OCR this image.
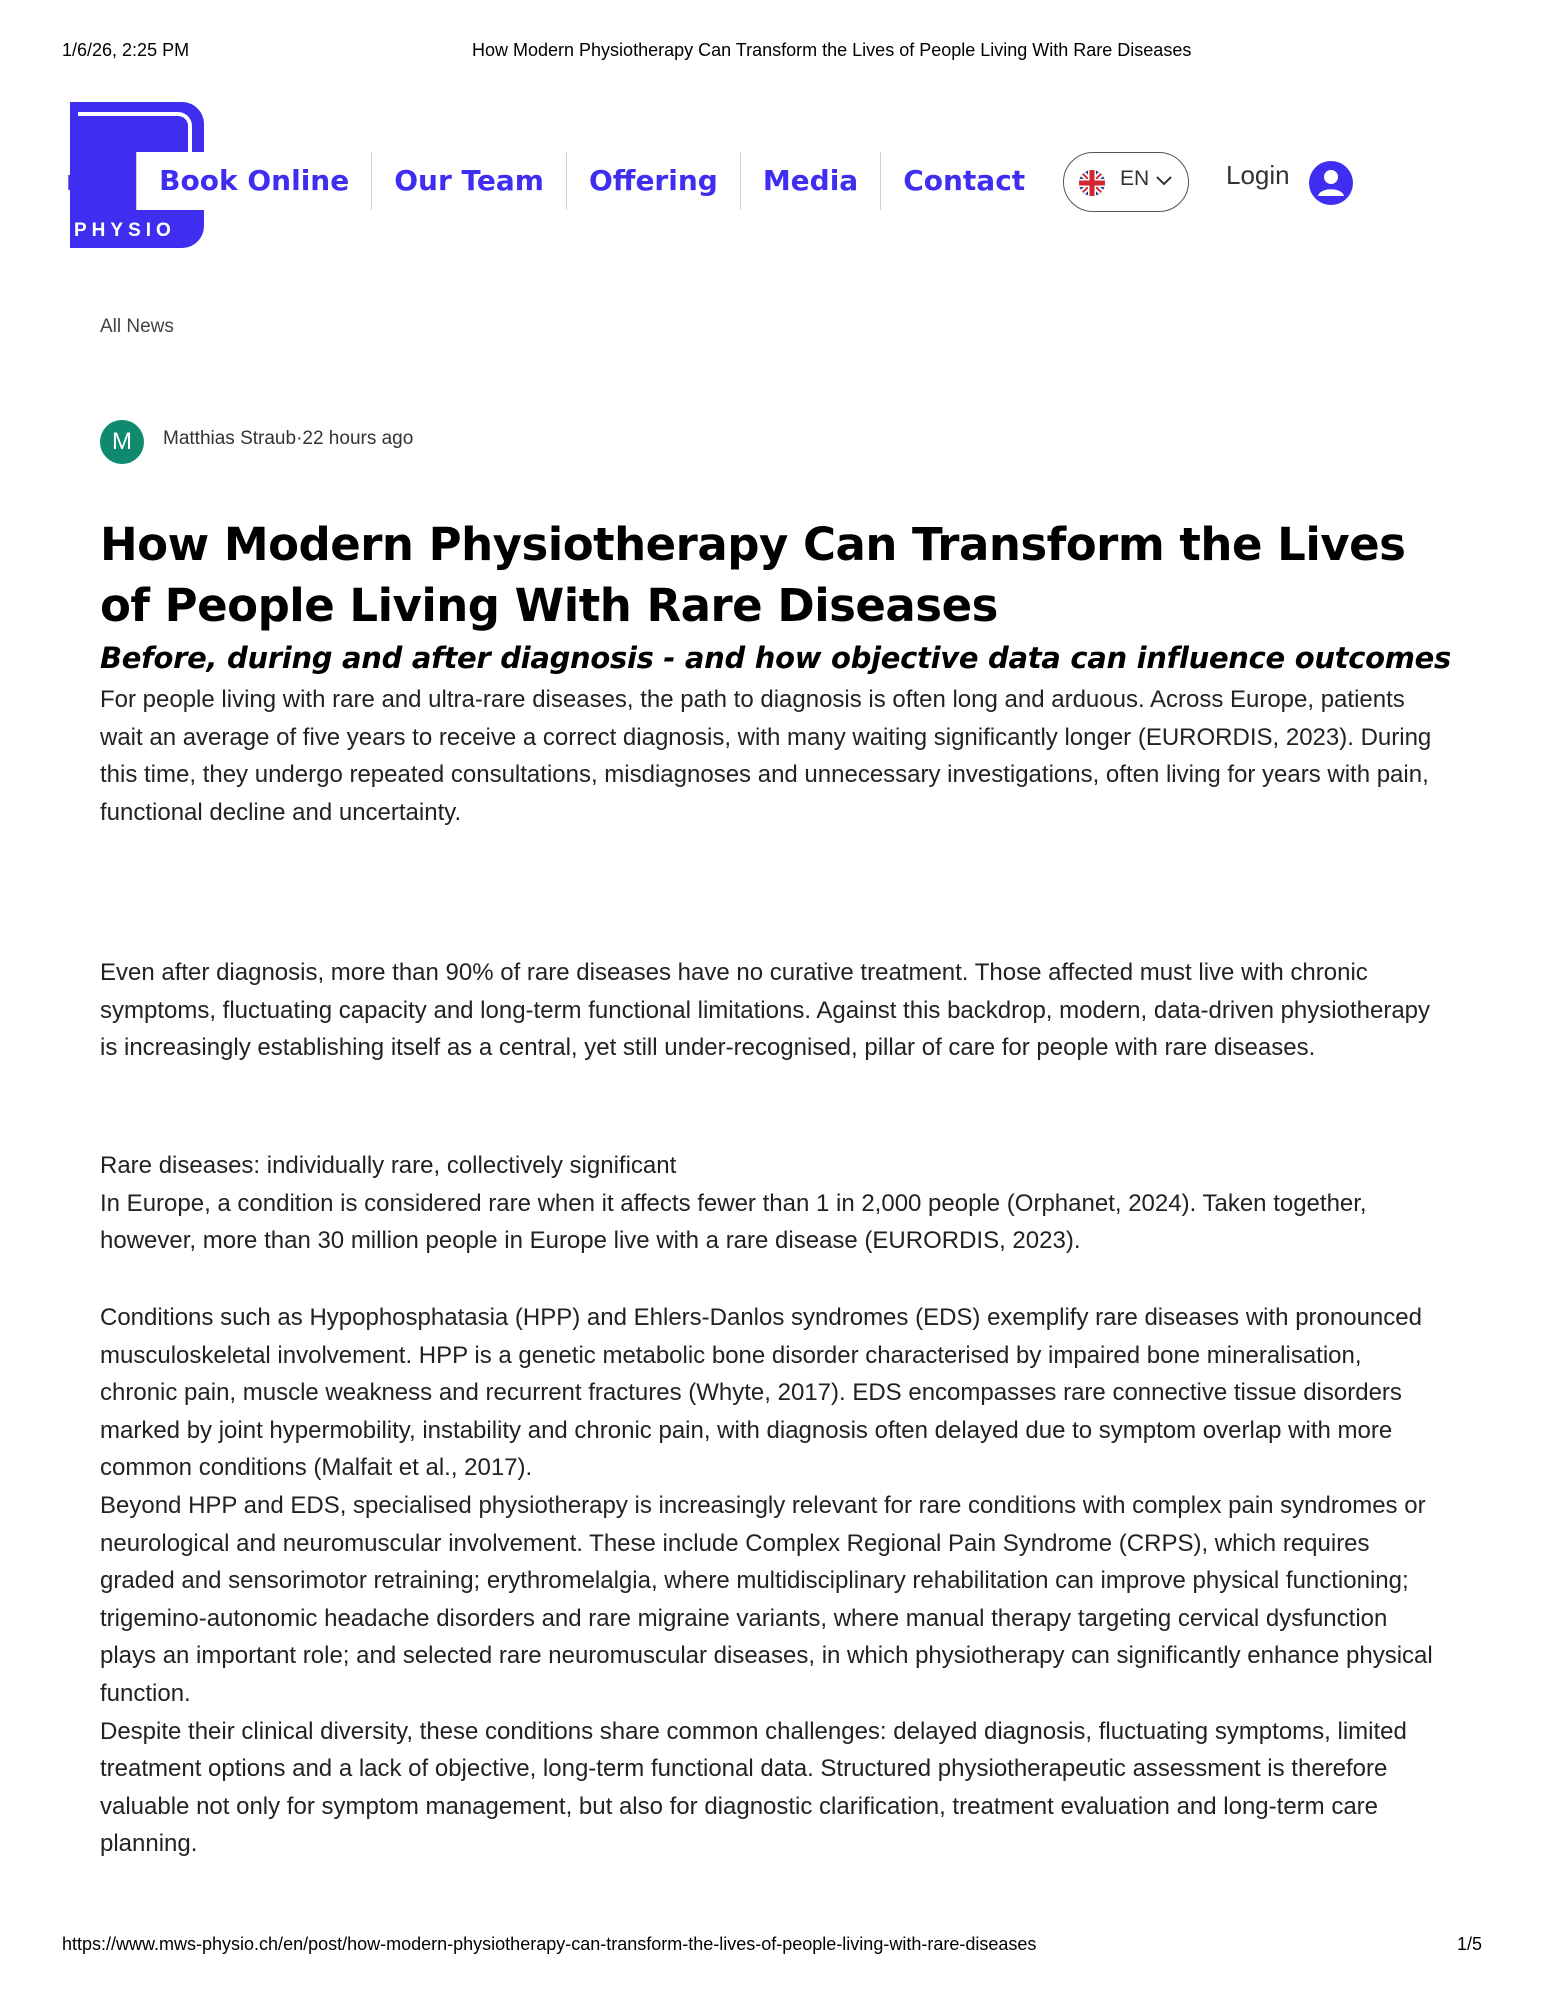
1/6/26, 2:25 PM	How Modern Physiotherapy Can Transform the Lives of People Living With Rare Diseases
PHYSIO
me	Book Online	Our Team	Offering	Media	Contact	EN	Login
All News
M	Matthias Straub·22 hours ago
How Modern Physiotherapy Can Transform the Lives of People Living With Rare Diseases
Before, during and after diagnosis - and how objective data can influence outcomes

For people living with rare and ultra-rare diseases, the path to diagnosis is often long and arduous. Across Europe, patients wait an average of five years to receive a correct diagnosis, with many waiting significantly longer (EURORDIS, 2023). During this time, they undergo repeated consultations, misdiagnoses and unnecessary investigations, often living for years with pain, functional decline and uncertainty.

Even after diagnosis, more than 90% of rare diseases have no curative treatment. Those affected must live with chronic symptoms, fluctuating capacity and long-term functional limitations. Against this backdrop, modern, data-driven physiotherapy is increasingly establishing itself as a central, yet still under-recognised, pillar of care for people with rare diseases.

Rare diseases: individually rare, collectively significant
In Europe, a condition is considered rare when it affects fewer than 1 in 2,000 people (Orphanet, 2024). Taken together, however, more than 30 million people in Europe live with a rare disease (EURORDIS, 2023).
Conditions such as Hypophosphatasia (HPP) and Ehlers-Danlos syndromes (EDS) exemplify rare diseases with pronounced musculoskeletal involvement. HPP is a genetic metabolic bone disorder characterised by impaired bone mineralisation, chronic pain, muscle weakness and recurrent fractures (Whyte, 2017). EDS encompasses rare connective tissue disorders marked by joint hypermobility, instability and chronic pain, with diagnosis often delayed due to symptom overlap with more common conditions (Malfait et al., 2017).
Beyond HPP and EDS, specialised physiotherapy is increasingly relevant for rare conditions with complex pain syndromes or neurological and neuromuscular involvement. These include Complex Regional Pain Syndrome (CRPS), which requires graded and sensorimotor retraining; erythromelalgia, where multidisciplinary rehabilitation can improve physical functioning; trigemino-autonomic headache disorders and rare migraine variants, where manual therapy targeting cervical dysfunction plays an important role; and selected rare neuromuscular diseases, in which physiotherapy can significantly enhance physical function.
Despite their clinical diversity, these conditions share common challenges: delayed diagnosis, fluctuating symptoms, limited treatment options and a lack of objective, long-term functional data. Structured physiotherapeutic assessment is therefore valuable not only for symptom management, but also for diagnostic clarification, treatment evaluation and long-term care planning.
https://www.mws-physio.ch/en/post/how-modern-physiotherapy-can-transform-the-lives-of-people-living-with-rare-diseases	1/5
